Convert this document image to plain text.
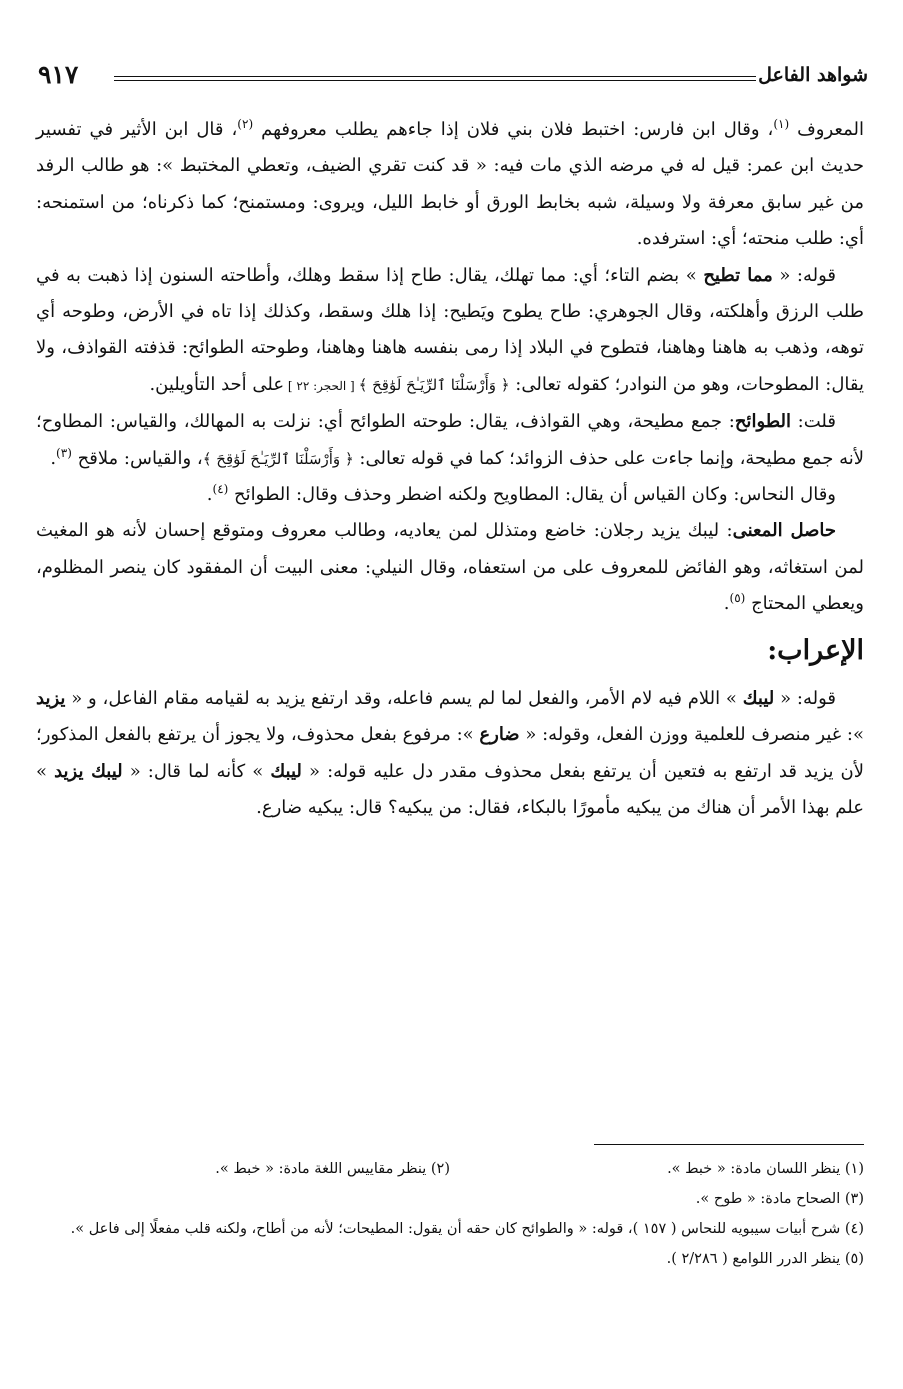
شواهد الفاعل
٩١٧

المعروف $^{(١)}$، وقال ابن فارس: اختبط فلان بني فلان إذا جاءهم يطلب معروفهم $^{(٢)}$، قال ابن الأثير في تفسير حديث ابن عمر: قيل له في مرضه الذي مات فيه: « قد كنت تقري الضيف، وتعطي المختبط »: هو طالب الرفد من غير سابق معرفة ولا وسيلة، شبه بخابط الورق أو خابط الليل، ويروى: ومستمنح؛ كما ذكرناه؛ من استمنحه: أي: طلب منحته؛ أي: استرفده.

قوله: « مما تطيح » بضم التاء؛ أي: مما تهلك، يقال: طاح إذا سقط وهلك، وأطاحته السنون إذا ذهبت به في طلب الرزق وأهلكته، وقال الجوهري: طاح يطوح ويَطيح: إذا هلك وسقط، وكذلك إذا تاه في الأرض، وطوحه أي توهه، وذهب به هاهنا وهاهنا، فتطوح في البلاد إذا رمى بنفسه هاهنا وهاهنا، وطوحته الطوائح: قذفته القواذف، ولا يقال: المطوحات، وهو من النوادر؛ كقوله تعالى: ﴿ وَأَرْسَلْنَا ٱلرِّيَـٰحَ لَوَٰقِحَ ﴾ [ الحجر: ٢٢ ] على أحد التأويلين.

قلت: الطوائح: جمع مطيحة، وهي القواذف، يقال: طوحته الطوائح أي: نزلت به المهالك، والقياس: المطاوح؛ لأنه جمع مطيحة، وإنما جاءت على حذف الزوائد؛ كما في قوله تعالى: ﴿ وَأَرْسَلْنَا ٱلرِّيَـٰحَ لَوَٰقِحَ ﴾، والقياس: ملاقح $^{(٣)}$.

وقال النحاس: وكان القياس أن يقال: المطاويح ولكنه اضطر وحذف وقال: الطوائح $^{(٤)}$.

حاصل المعنى: ليبك يزيد رجلان: خاضع ومتذلل لمن يعاديه، وطالب معروف ومتوقع إحسان لأنه هو المغيث لمن استغاثه، وهو الفائض للمعروف على من استعفاه، وقال النيلي: معنى البيت أن المفقود كان ينصر المظلوم، ويعطي المحتاج $^{(٥)}$.

الإعراب:

قوله: « ليبك » اللام فيه لام الأمر، والفعل لما لم يسم فاعله، وقد ارتفع يزيد به لقيامه مقام الفاعل، و « يزيد »: غير منصرف للعلمية ووزن الفعل، وقوله: « ضارع »: مرفوع بفعل محذوف، ولا يجوز أن يرتفع بالفعل المذكور؛ لأن يزيد قد ارتفع به فتعين أن يرتفع بفعل محذوف مقدر دل عليه قوله: « ليبك » كأنه لما قال: « ليبك يزيد » علم بهذا الأمر أن هناك من يبكيه مأمورًا بالبكاء، فقال: من يبكيه؟ قال: يبكيه ضارع.

(١) ينظر اللسان مادة: « خبط ».
(٢) ينظر مقاييس اللغة مادة: « خبط ».
(٣) الصحاح مادة: « طوح ».
(٤) شرح أبيات سيبويه للنحاس ( ١٥٧ )، قوله: « والطوائح كان حقه أن يقول: المطيحات؛ لأنه من أطاح، ولكنه قلب مفعلًا إلى فاعل ».
(٥) ينظر الدرر اللوامع ( ٢/٢٨٦ ).
